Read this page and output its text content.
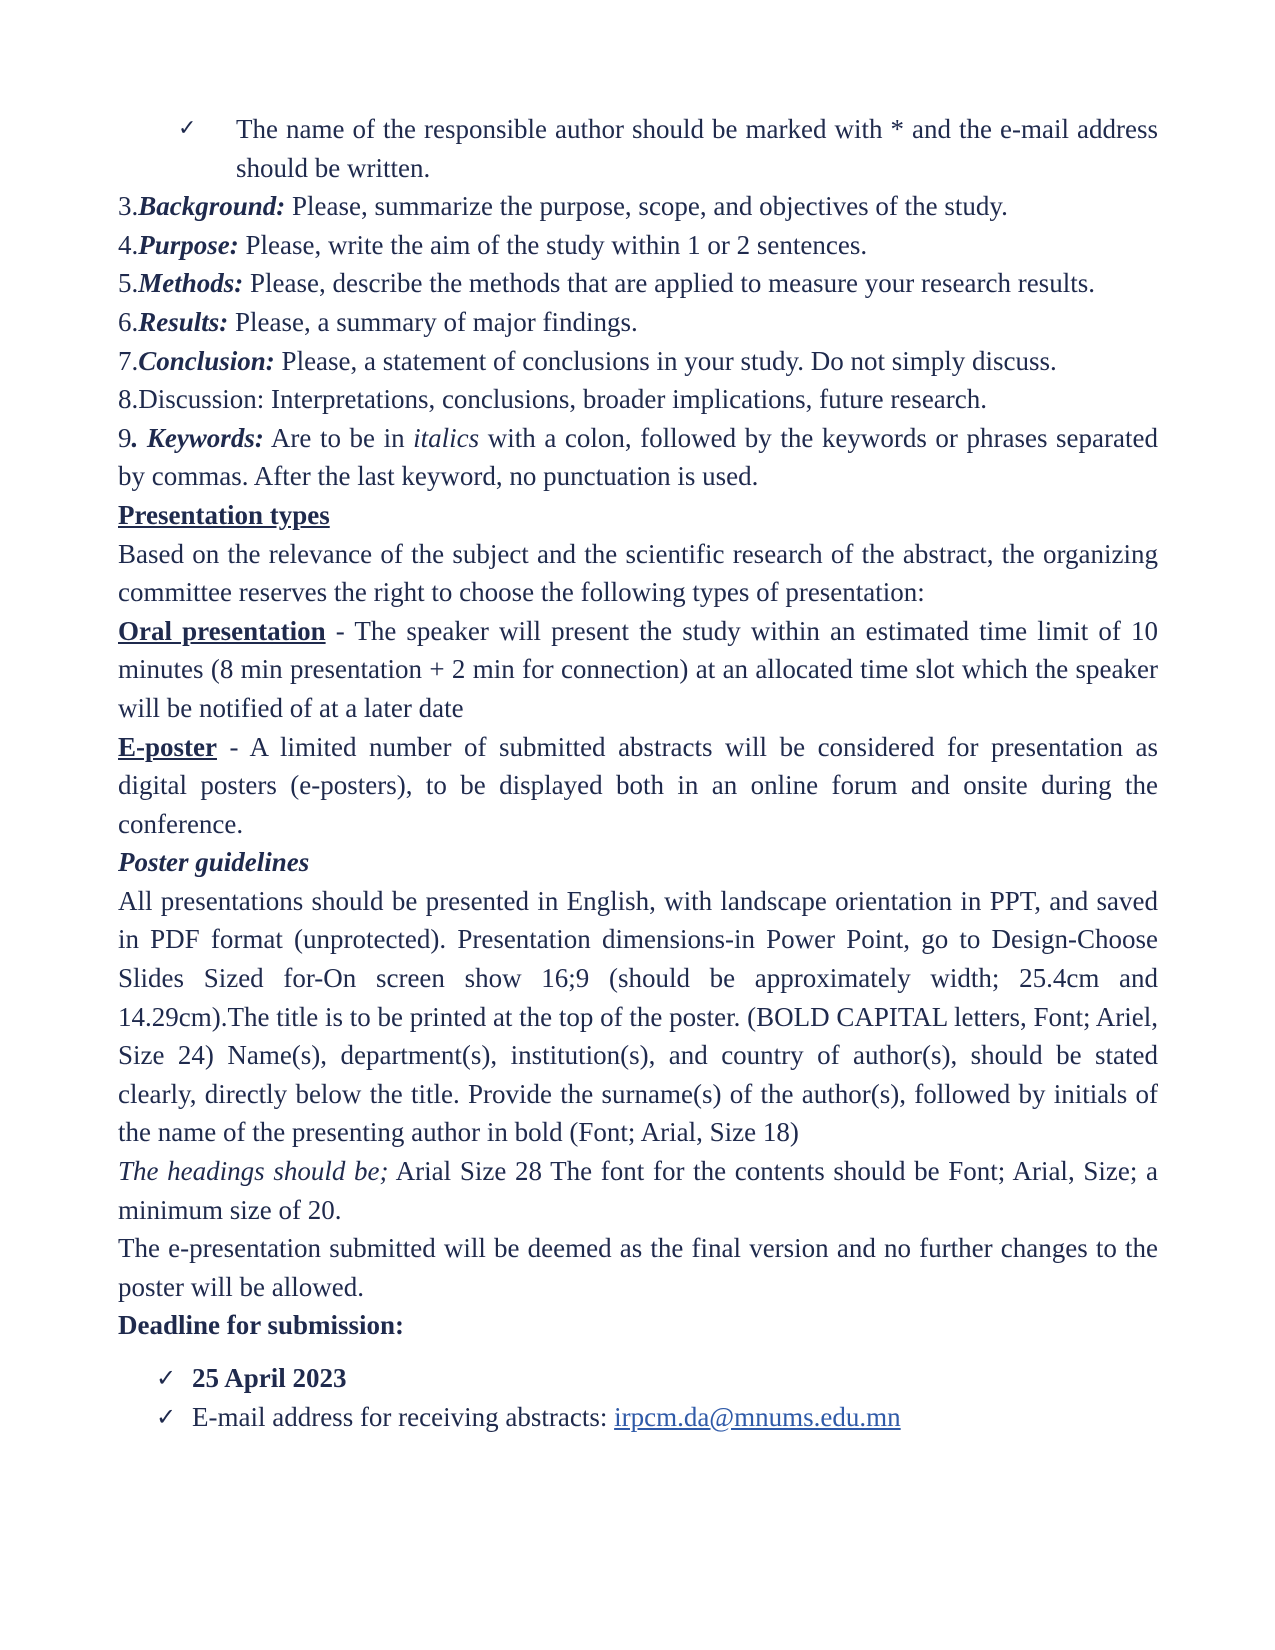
✓ The name of the responsible author should be marked with * and the e-mail address should be written.
3.Background: Please, summarize the purpose, scope, and objectives of the study.
4.Purpose: Please, write the aim of the study within 1 or 2 sentences.
5.Methods: Please, describe the methods that are applied to measure your research results.
6.Results: Please, a summary of major findings.
7.Conclusion: Please, a statement of conclusions in your study. Do not simply discuss.
8.Discussion: Interpretations, conclusions, broader implications, future research.
9. Keywords: Are to be in italics with a colon, followed by the keywords or phrases separated by commas. After the last keyword, no punctuation is used.
Presentation types
Based on the relevance of the subject and the scientific research of the abstract, the organizing committee reserves the right to choose the following types of presentation:
Oral presentation - The speaker will present the study within an estimated time limit of 10 minutes (8 min presentation + 2 min for connection) at an allocated time slot which the speaker will be notified of at a later date
E-poster - A limited number of submitted abstracts will be considered for presentation as digital posters (e-posters), to be displayed both in an online forum and onsite during the conference.
Poster guidelines
All presentations should be presented in English, with landscape orientation in PPT, and saved in PDF format (unprotected). Presentation dimensions-in Power Point, go to Design-Choose Slides Sized for-On screen show 16;9 (should be approximately width; 25.4cm and 14.29cm).The title is to be printed at the top of the poster. (BOLD CAPITAL letters, Font; Ariel, Size 24) Name(s), department(s), institution(s), and country of author(s), should be stated clearly, directly below the title. Provide the surname(s) of the author(s), followed by initials of the name of the presenting author in bold (Font; Arial, Size 18)
The headings should be; Arial Size 28 The font for the contents should be Font; Arial, Size; a minimum size of 20.
The e-presentation submitted will be deemed as the final version and no further changes to the poster will be allowed.
Deadline for submission:
✓ 25 April 2023
✓ E-mail address for receiving abstracts: irpcm.da@mnums.edu.mn
